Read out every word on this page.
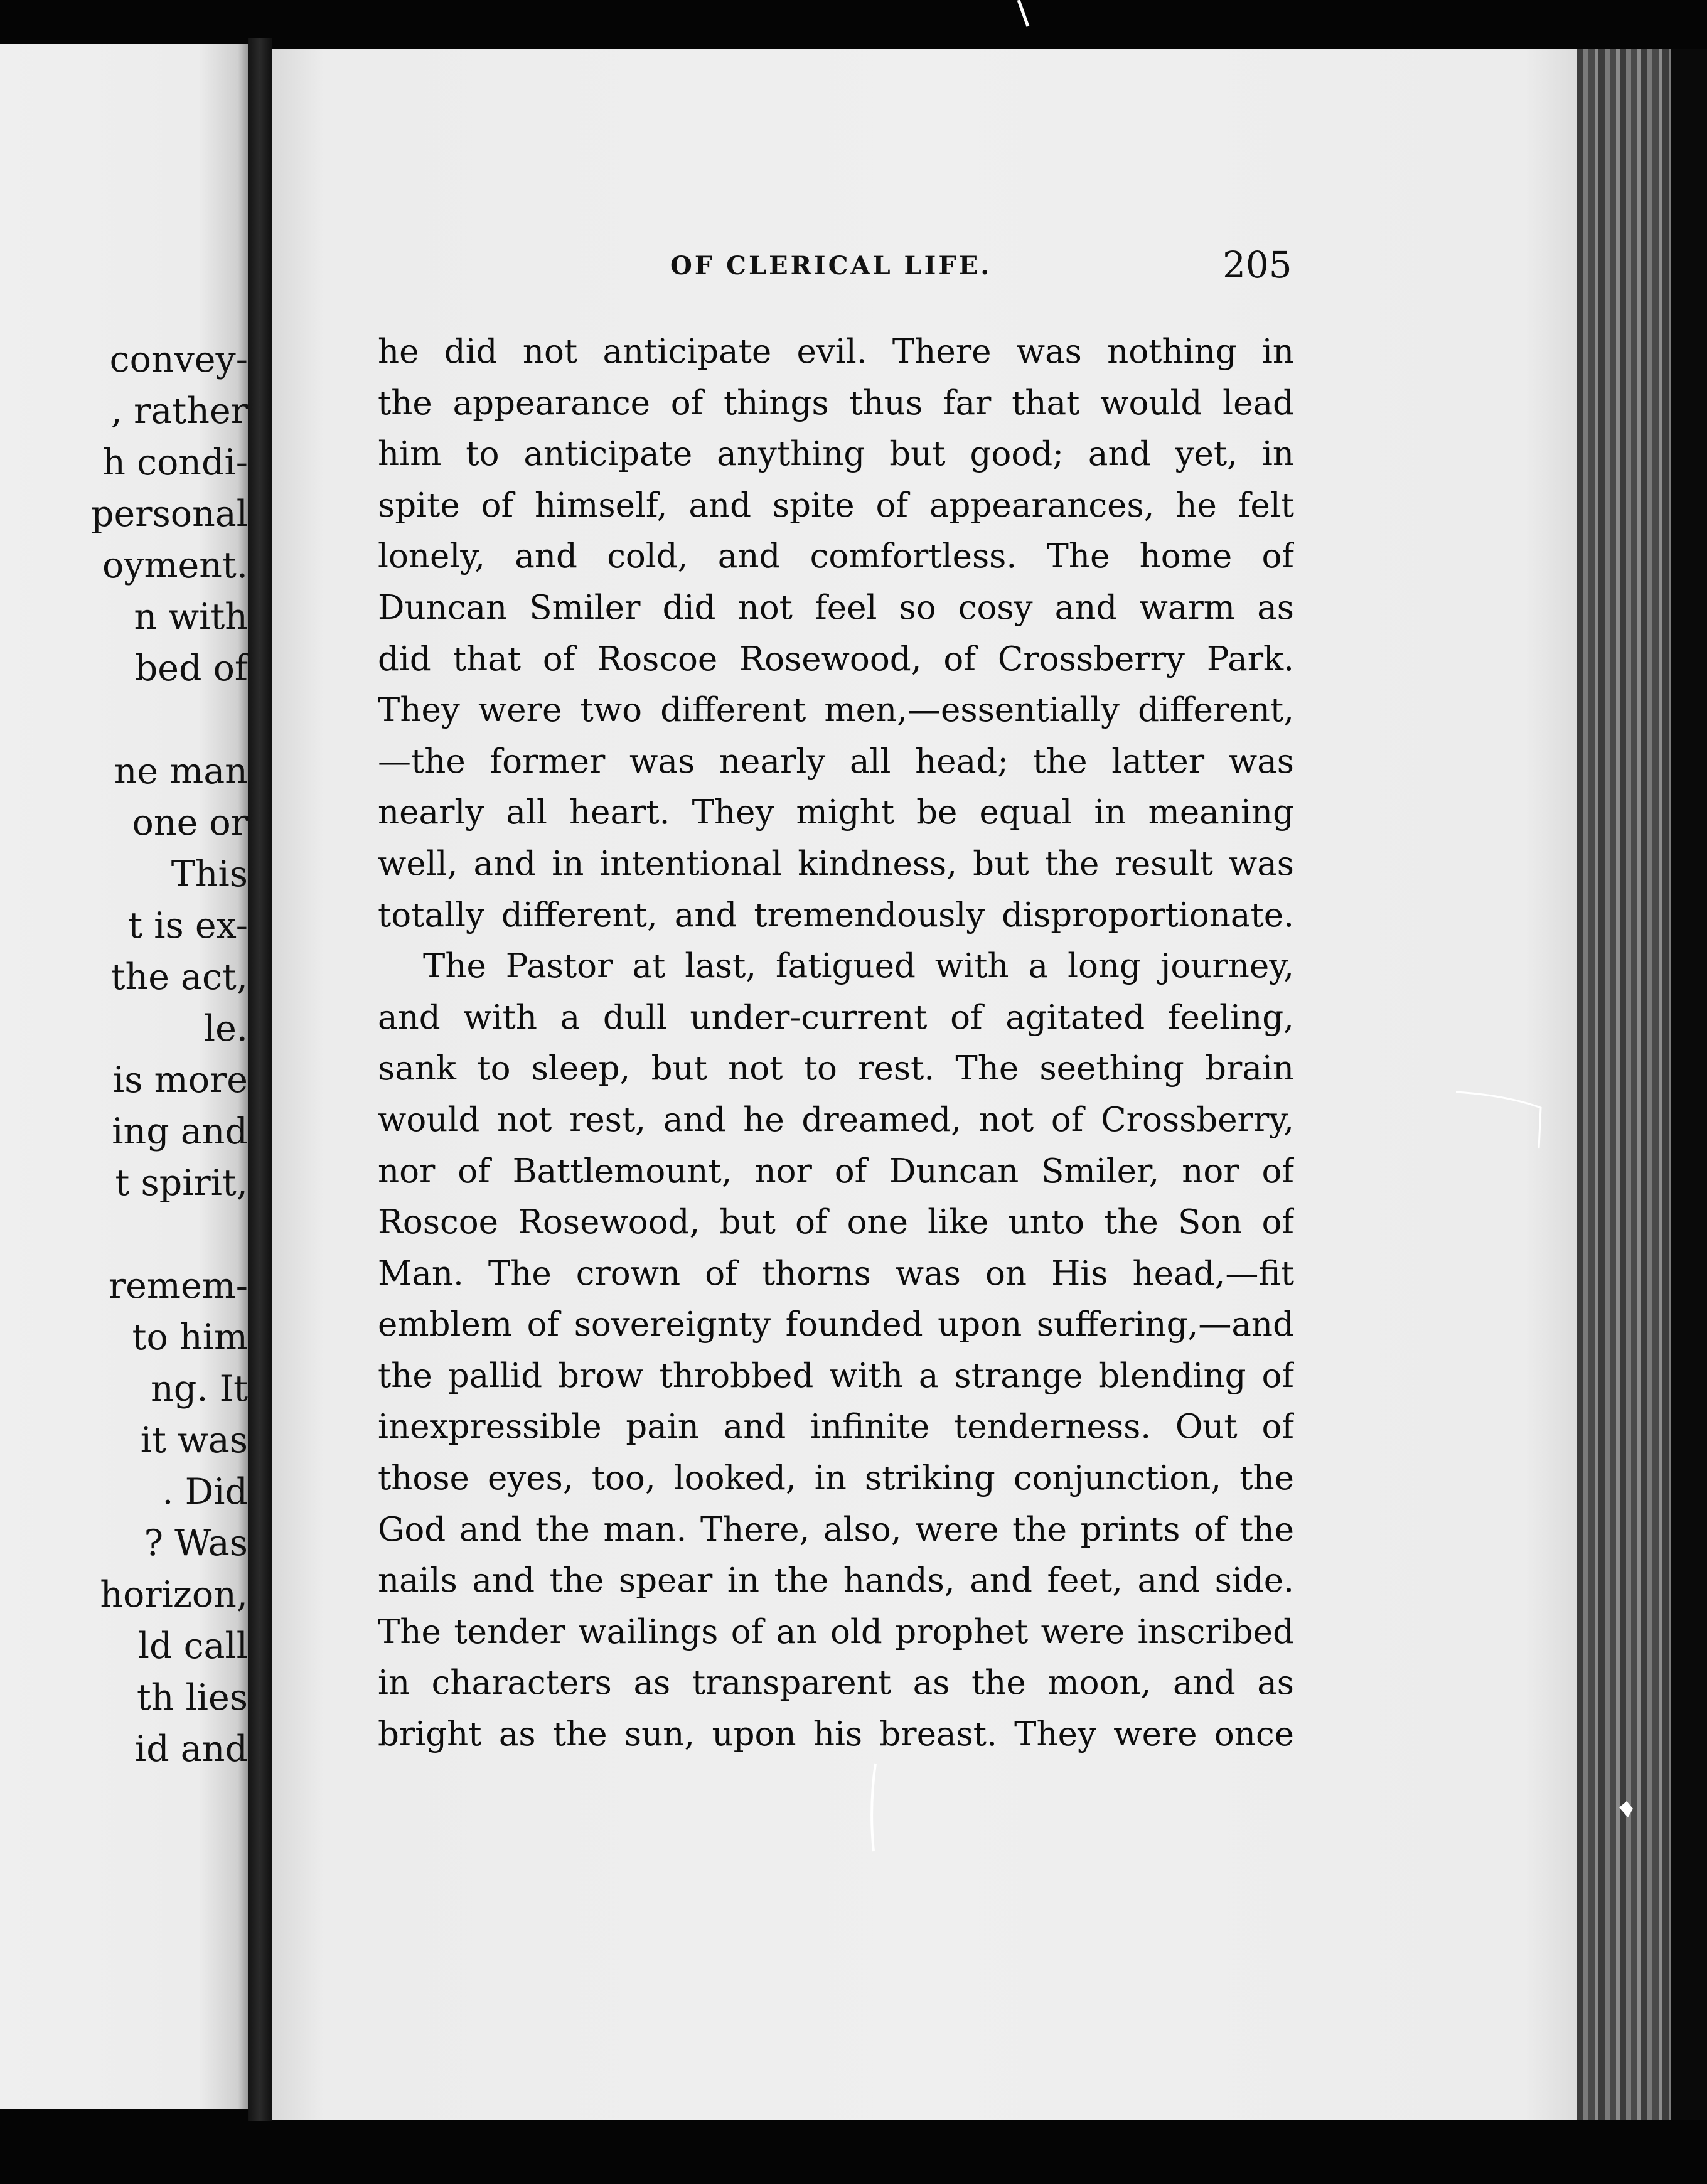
convey-
, rather
h condi-
personal
oyment.
n with
bed of
ne man
one or
This
t is ex-
the act,
le.
is more
ing and
t spirit,
remem-
to him
ng. It
it was
. Did
? Was
horizon,
ld call
th lies
id and
OF CLERICAL LIFE.	205
he did not anticipate evil. There was nothing in
the appearance of things thus far that would lead
him to anticipate anything but good; and yet, in
spite of himself, and spite of appearances, he felt
lonely, and cold, and comfortless. The home of
Duncan Smiler did not feel so cosy and warm as
did that of Roscoe Rosewood, of Crossberry Park.
They were two different men,—essentially different,
—the former was nearly all head; the latter was
nearly all heart. They might be equal in meaning
well, and in intentional kindness, but the result was
totally different, and tremendously disproportionate.
The Pastor at last, fatigued with a long journey,
and with a dull under-current of agitated feeling,
sank to sleep, but not to rest. The seething brain
would not rest, and he dreamed, not of Crossberry,
nor of Battlemount, nor of Duncan Smiler, nor of
Roscoe Rosewood, but of one like unto the Son of
Man. The crown of thorns was on His head,—fit
emblem of sovereignty founded upon suffering,—and
the pallid brow throbbed with a strange blending of
inexpressible pain and infinite tenderness. Out of
those eyes, too, looked, in striking conjunction, the
God and the man. There, also, were the prints of the
nails and the spear in the hands, and feet, and side.
The tender wailings of an old prophet were inscribed
in characters as transparent as the moon, and as
bright as the sun, upon his breast. They were once
